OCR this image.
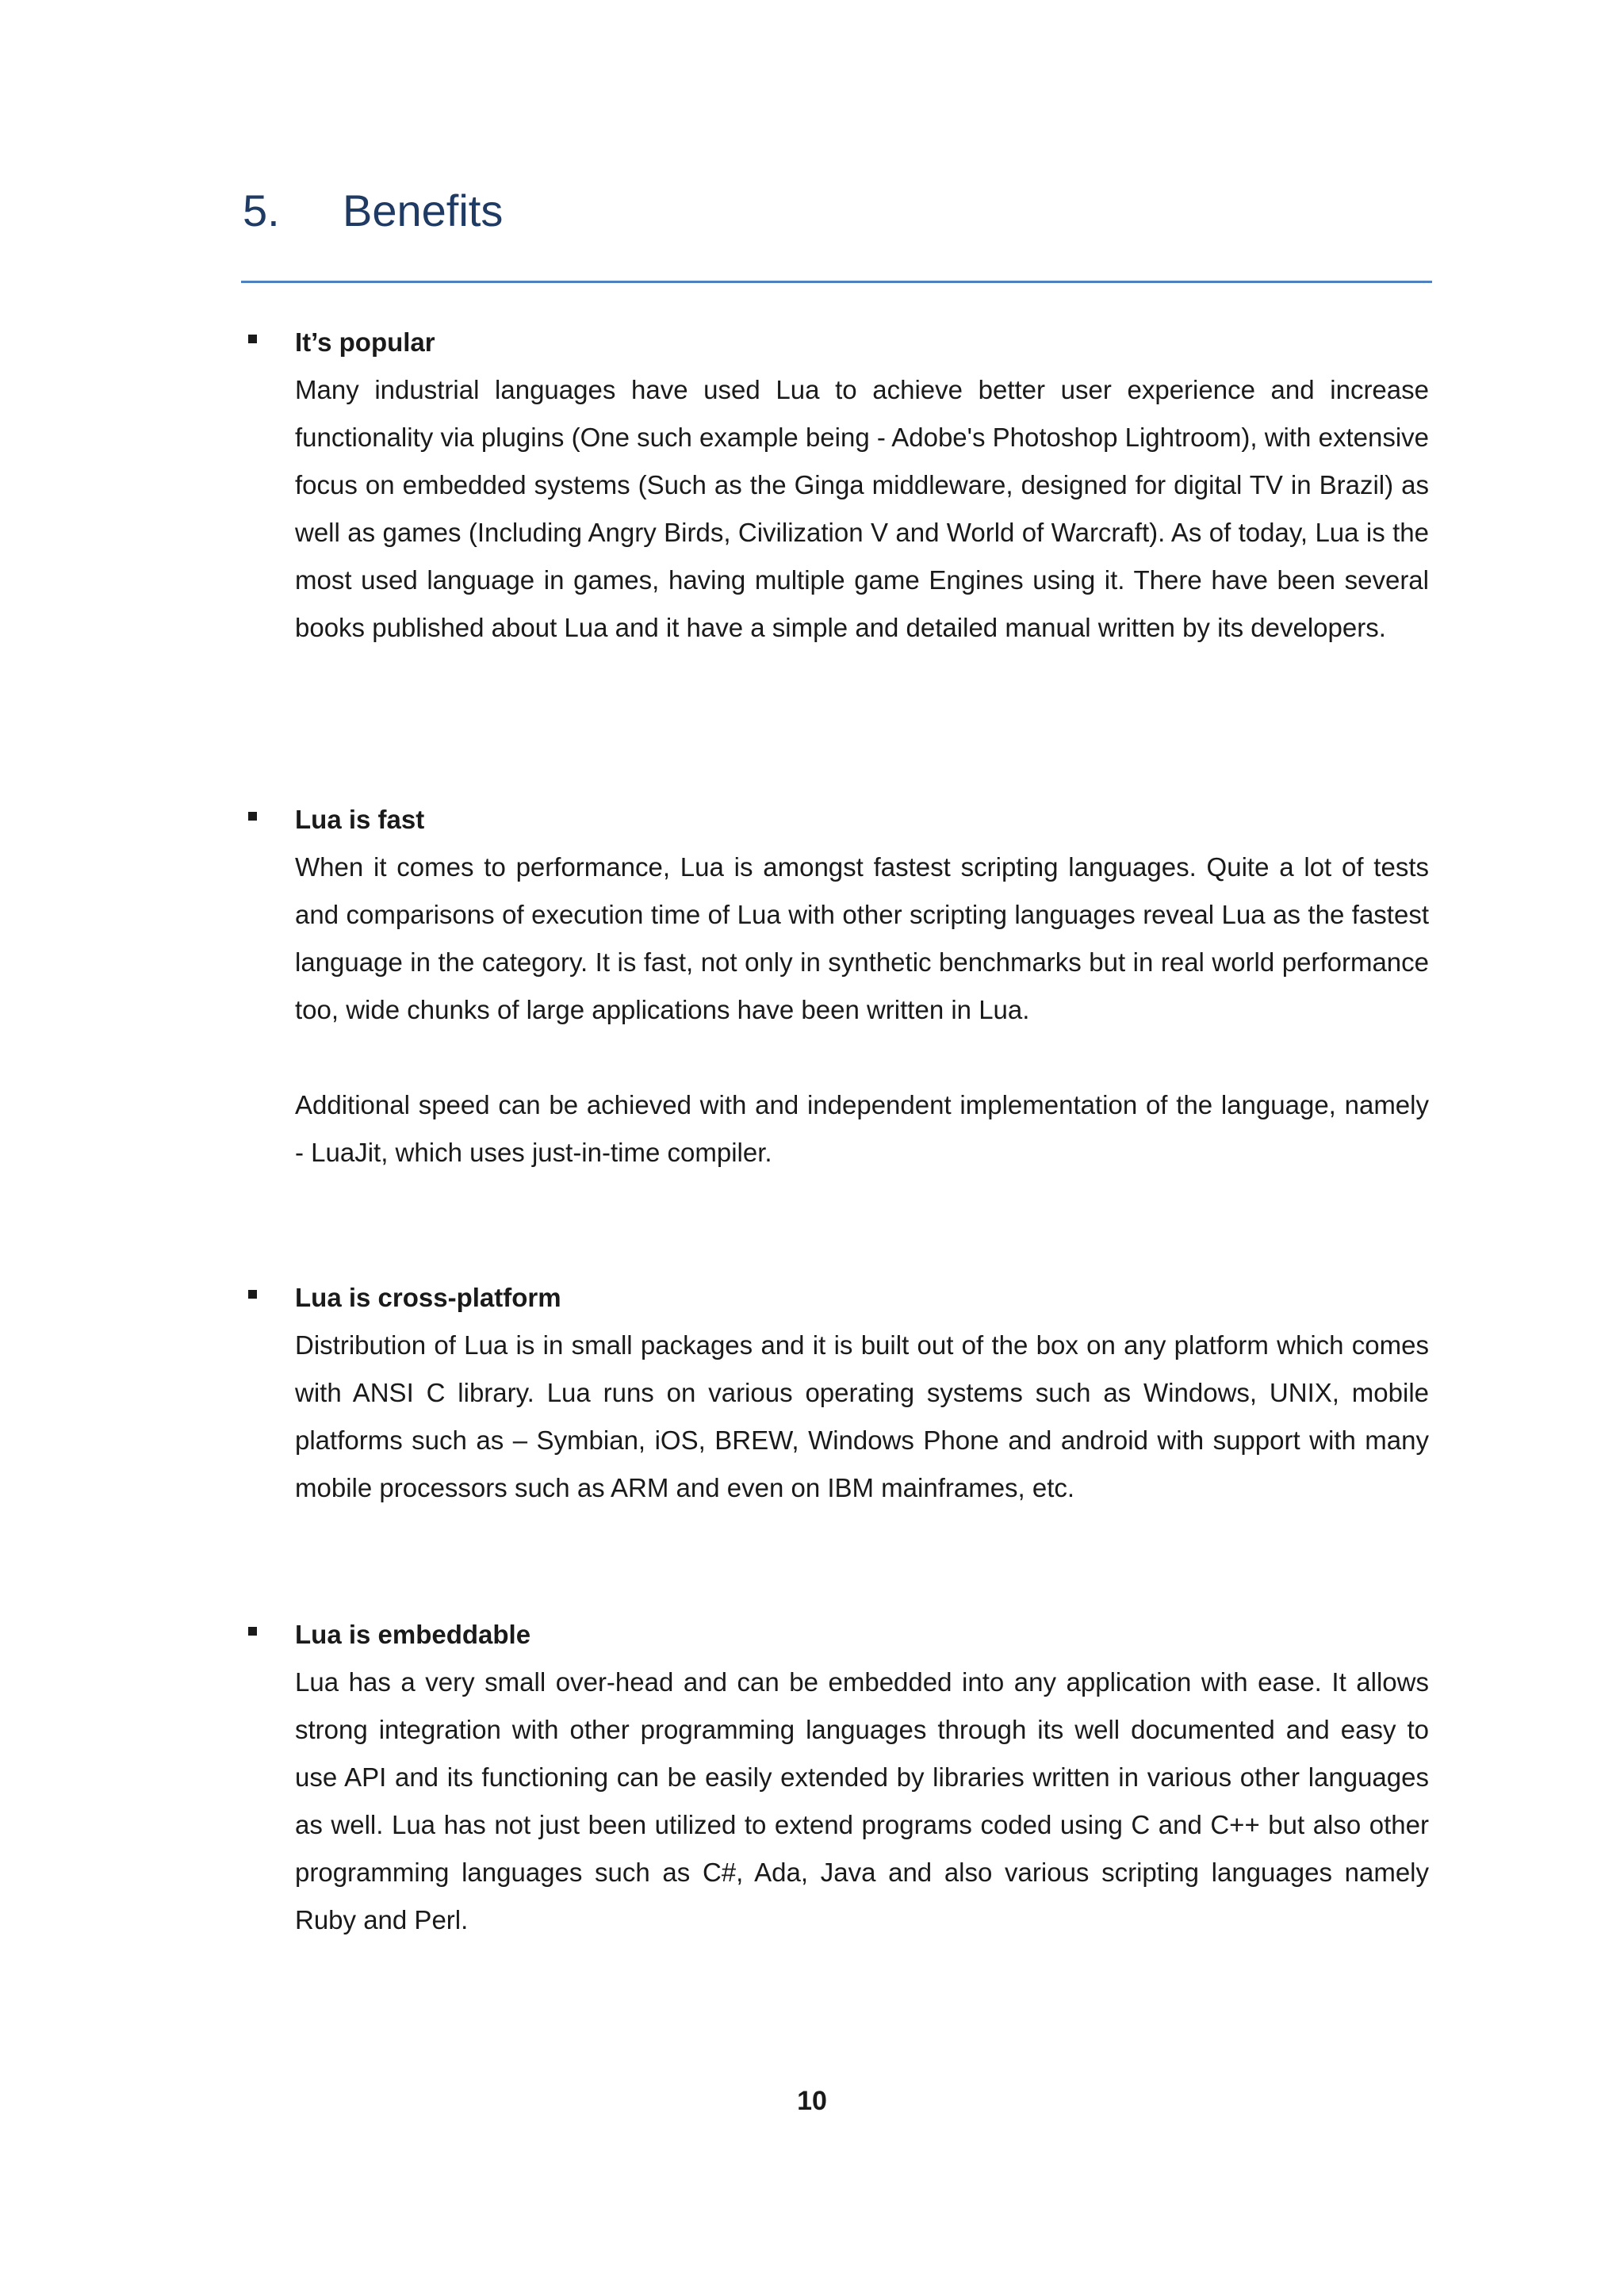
5. Benefits
It’s popular

Many industrial languages have used Lua to achieve better user experience and increase functionality via plugins (One such example being - Adobe's Photoshop Lightroom), with extensive focus on embedded systems (Such as the Ginga middleware, designed for digital TV in Brazil) as well as games (Including Angry Birds, Civilization V and World of Warcraft). As of today, Lua is the most used language in games, having multiple game Engines using it. There have been several books published about Lua and it have a simple and detailed manual written by its developers.

Lua is fast

When it comes to performance, Lua is amongst fastest scripting languages. Quite a lot of tests and comparisons of execution time of Lua with other scripting languages reveal Lua as the fastest language in the category. It is fast, not only in synthetic benchmarks but in real world performance too, wide chunks of large applications have been written in Lua.

Additional speed can be achieved with and independent implementation of the language, namely - LuaJit, which uses just-in-time compiler.

Lua is cross-platform

Distribution of Lua is in small packages and it is built out of the box on any platform which comes with ANSI C library. Lua runs on various operating systems such as Windows, UNIX, mobile platforms such as – Symbian, iOS, BREW, Windows Phone and android with support with many mobile processors such as ARM and even on IBM mainframes, etc.

Lua is embeddable

Lua has a very small over-head and can be embedded into any application with ease. It allows strong integration with other programming languages through its well documented and easy to use API and its functioning can be easily extended by libraries written in various other languages as well. Lua has not just been utilized to extend programs coded using C and C++ but also other programming languages such as C#, Ada, Java and also various scripting languages namely Ruby and Perl.

10
